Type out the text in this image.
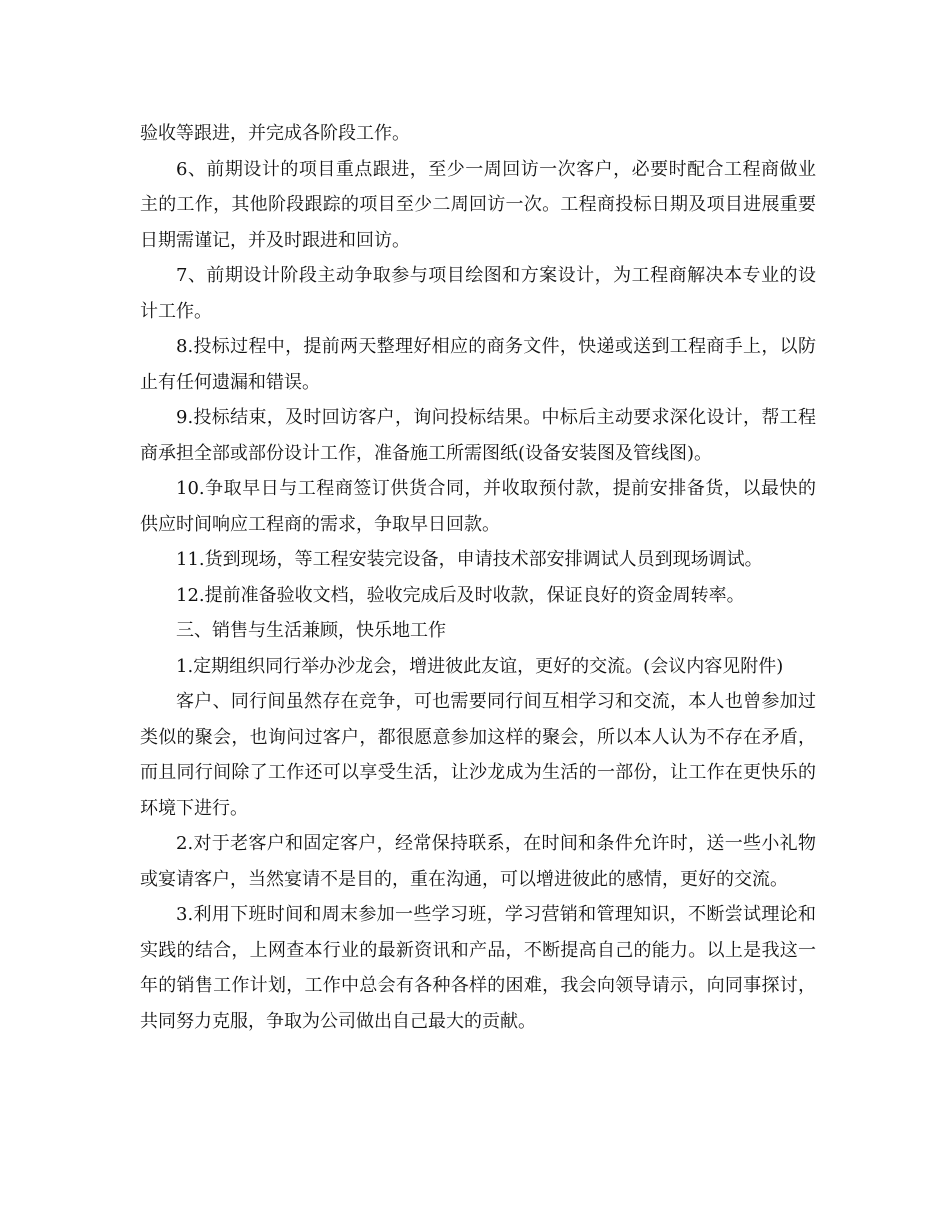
验收等跟进，并完成各阶段工作。

6、前期设计的项目重点跟进，至少一周回访一次客户，必要时配合工程商做业主的工作，其他阶段跟踪的项目至少二周回访一次。工程商投标日期及项目进展重要日期需谨记，并及时跟进和回访。

7、前期设计阶段主动争取参与项目绘图和方案设计，为工程商解决本专业的设计工作。

8.投标过程中，提前两天整理好相应的商务文件，快递或送到工程商手上，以防止有任何遗漏和错误。

9.投标结束，及时回访客户，询问投标结果。中标后主动要求深化设计，帮工程商承担全部或部份设计工作，准备施工所需图纸(设备安装图及管线图)。

10.争取早日与工程商签订供货合同，并收取预付款，提前安排备货，以最快的供应时间响应工程商的需求，争取早日回款。

11.货到现场，等工程安装完设备，申请技术部安排调试人员到现场调试。

12.提前准备验收文档，验收完成后及时收款，保证良好的资金周转率。

三、销售与生活兼顾，快乐地工作

1.定期组织同行举办沙龙会，增进彼此友谊，更好的交流。(会议内容见附件)

客户、同行间虽然存在竞争，可也需要同行间互相学习和交流，本人也曾参加过类似的聚会，也询问过客户，都很愿意参加这样的聚会，所以本人认为不存在矛盾，而且同行间除了工作还可以享受生活，让沙龙成为生活的一部份，让工作在更快乐的环境下进行。

2.对于老客户和固定客户，经常保持联系，在时间和条件允许时，送一些小礼物或宴请客户，当然宴请不是目的，重在沟通，可以增进彼此的感情，更好的交流。

3.利用下班时间和周末参加一些学习班，学习营销和管理知识，不断尝试理论和实践的结合，上网查本行业的最新资讯和产品，不断提高自己的能力。以上是我这一年的销售工作计划，工作中总会有各种各样的困难，我会向领导请示，向同事探讨，共同努力克服，争取为公司做出自己最大的贡献。
